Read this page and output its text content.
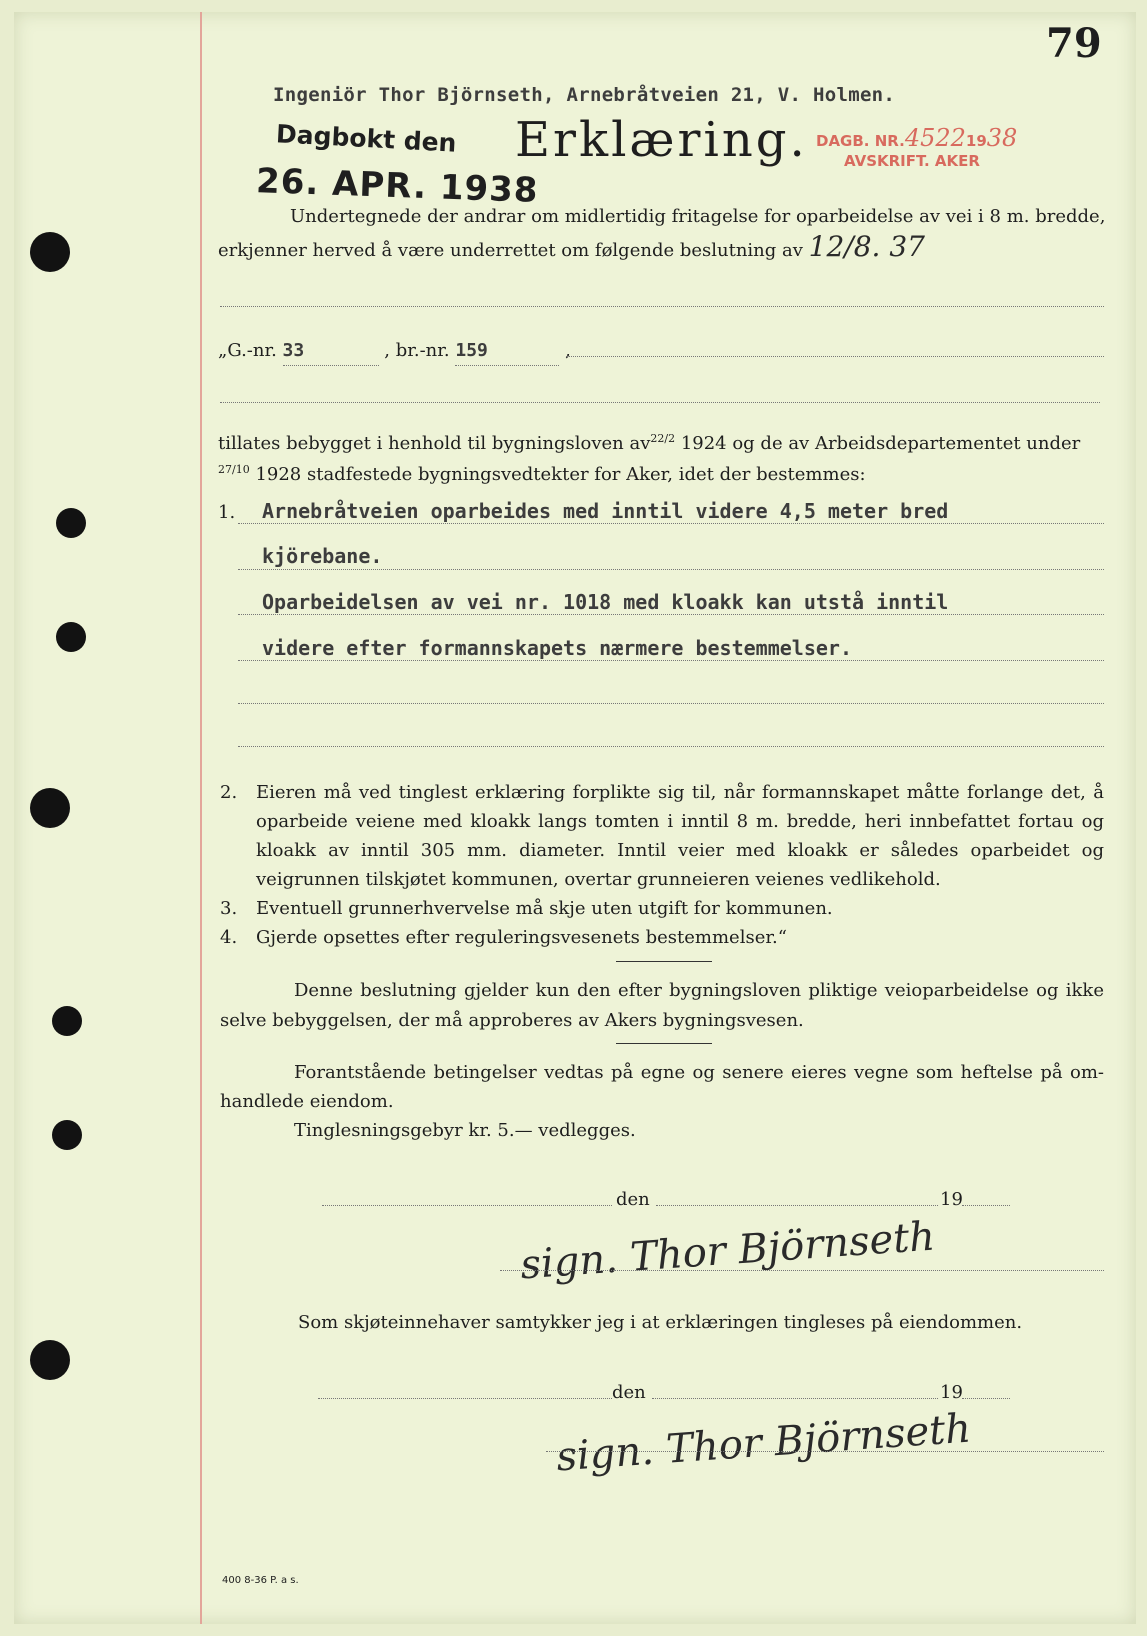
79
Ingeniör Thor Björnseth, Arnebråtveien 21, V. Holmen.
Dagbokt den
26. APR. 1938
Erklæring. DAGB. NR.45221938
AVSKRIFT. AKER
Undertegnede der andrar om midlertidig fritagelse for oparbeidelse av vei i 8 m. bredde,
erkjenner herved å være underrettet om følgende beslutning av 12/8. 37
„G.-nr. 33	, br.-nr. 159	,
tillates bebygget i henhold til bygningsloven $av^{22/2}$ 1924 og de av Arbeidsdepartementet under
$^{27/10}$ 1928 stadfestede bygningsvedtekter for Aker, idet der bestemmes:
1. Arnebråtveien oparbeides med inntil videre 4,5 meter bred
kjörebane.
Oparbeidelsen av vei nr. 1018 med kloakk kan utstå inntil
videre efter formannskapets nærmere bestemmelser.
2. Eieren må ved tinglest erklæring forplikte sig til, når formannskapet måtte forlange det, å
oparbeide veiene med kloakk langs tomten i inntil 8 m. bredde, heri innbefattet fortau og
kloakk av inntil 305 mm. diameter. Inntil veier med kloakk er således oparbeidet og
veigrunnen tilskjøtet kommunen, overtar grunneieren veienes vedlikehold.
3. Eventuell grunnerhvervelse må skje uten utgift for kommunen.
4. Gjerde opsettes efter reguleringsvesenets bestemmelser.“
Denne beslutning gjelder kun den efter bygningsloven pliktige veioparbeidelse og ikke
selve bebyggelsen, der må approberes av Akers bygningsvesen.
Forantstående betingelser vedtas på egne og senere eieres vegne som heftelse på om-
handlede eiendom.
Tinglesningsgebyr kr. 5.— vedlegges.
den	19
sign. Thor Björnseth
Som skjøteinnehaver samtykker jeg i at erklæringen tingleses på eiendommen.
den	19
sign. Thor Björnseth
400 8-36 P. a s.
